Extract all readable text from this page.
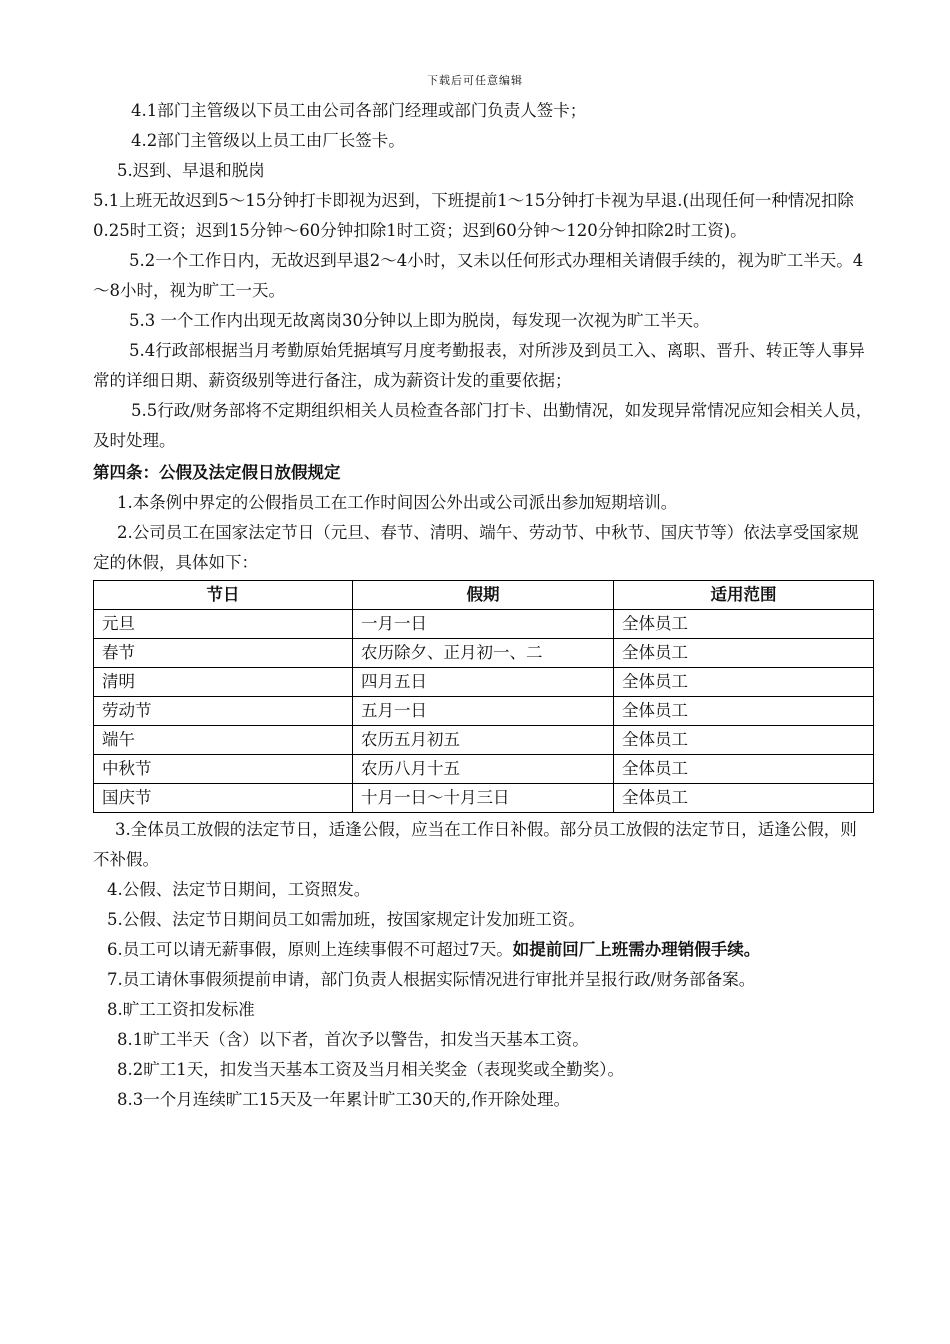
下载后可任意编辑

4.1部门主管级以下员工由公司各部门经理或部门负责人签卡；

4.2部门主管级以上员工由厂长签卡。

5.迟到、早退和脱岗

5.1上班无故迟到5～15分钟打卡即视为迟到，下班提前1～15分钟打卡视为早退.(出现任何一种情况扣除0.25时工资；迟到15分钟～60分钟扣除1时工资；迟到60分钟～120分钟扣除2时工资)。

5.2一个工作日内，无故迟到早退2～4小时，又未以任何形式办理相关请假手续的，视为旷工半天。4～8小时，视为旷工一天。

5.3 一个工作内出现无故离岗30分钟以上即为脱岗，每发现一次视为旷工半天。

5.4行政部根据当月考勤原始凭据填写月度考勤报表，对所涉及到员工入、离职、晋升、转正等人事异常的详细日期、薪资级别等进行备注，成为薪资计发的重要依据；

5.5行政/财务部将不定期组织相关人员检查各部门打卡、出勤情况，如发现异常情况应知会相关人员，及时处理。

第四条：公假及法定假日放假规定

1.本条例中界定的公假指员工在工作时间因公外出或公司派出参加短期培训。

2.公司员工在国家法定节日（元旦、春节、清明、端午、劳动节、中秋节、国庆节等）依法享受国家规定的休假，具体如下：

节日	假期	适用范围
元旦	一月一日	全体员工
春节	农历除夕、正月初一、二	全体员工
清明	四月五日	全体员工
劳动节	五月一日	全体员工
端午	农历五月初五	全体员工
中秋节	农历八月十五	全体员工
国庆节	十月一日～十月三日	全体员工

3.全体员工放假的法定节日，适逢公假，应当在工作日补假。部分员工放假的法定节日，适逢公假，则不补假。

4.公假、法定节日期间，工资照发。

5.公假、法定节日期间员工如需加班，按国家规定计发加班工资。

6.员工可以请无薪事假，原则上连续事假不可超过7天。如提前回厂上班需办理销假手续。

7.员工请休事假须提前申请，部门负责人根据实际情况进行审批并呈报行政/财务部备案。

8.旷工工资扣发标准

8.1旷工半天（含）以下者，首次予以警告，扣发当天基本工资。

8.2旷工1天，扣发当天基本工资及当月相关奖金（表现奖或全勤奖）。

8.3一个月连续旷工15天及一年累计旷工30天的,作开除处理。
